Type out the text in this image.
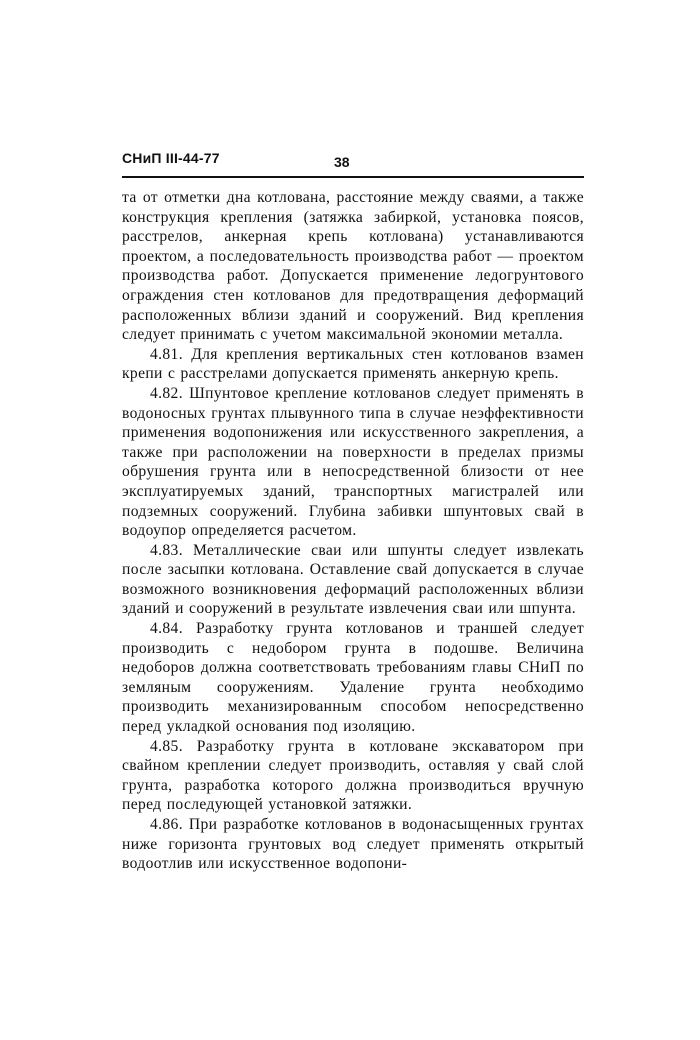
СНиП III-44-77	38

та от отметки дна котлована, расстояние между сваями, а также конструкция крепления (затяжка забиркой, установка поясов, расстрелов, анкерная крепь котлована) устанавливаются проектом, а последовательность производства работ — проектом производства работ. Допускается применение ледогрунтового ограждения стен котлованов для предотвращения деформаций расположенных вблизи зданий и сооружений. Вид крепления следует принимать с учетом максимальной экономии металла.

4.81. Для крепления вертикальных стен котлованов взамен крепи с расстрелами допускается применять анкерную крепь.

4.82. Шпунтовое крепление котлованов следует применять в водоносных грунтах плывунного типа в случае неэффективности применения водопонижения или искусственного закрепления, а также при расположении на поверхности в пределах призмы обрушения грунта или в непосредственной близости от нее эксплуатируемых зданий, транспортных магистралей или подземных сооружений. Глубина забивки шпунтовых свай в водоупор определяется расчетом.

4.83. Металлические сваи или шпунты следует извлекать после засыпки котлована. Оставление свай допускается в случае возможного возникновения деформаций расположенных вблизи зданий и сооружений в результате извлечения сваи или шпунта.

4.84. Разработку грунта котлованов и траншей следует производить с недобором грунта в подошве. Величина недоборов должна соответствовать требованиям главы СНиП по земляным сооружениям. Удаление грунта необходимо производить механизированным способом непосредственно перед укладкой основания под изоляцию.

4.85. Разработку грунта в котловане экскаватором при свайном креплении следует производить, оставляя у свай слой грунта, разработка которого должна производиться вручную перед последующей установкой затяжки.

4.86. При разработке котлованов в водонасыщенных грунтах ниже горизонта грунтовых вод следует применять открытый водоотлив или искусственное водопони-
